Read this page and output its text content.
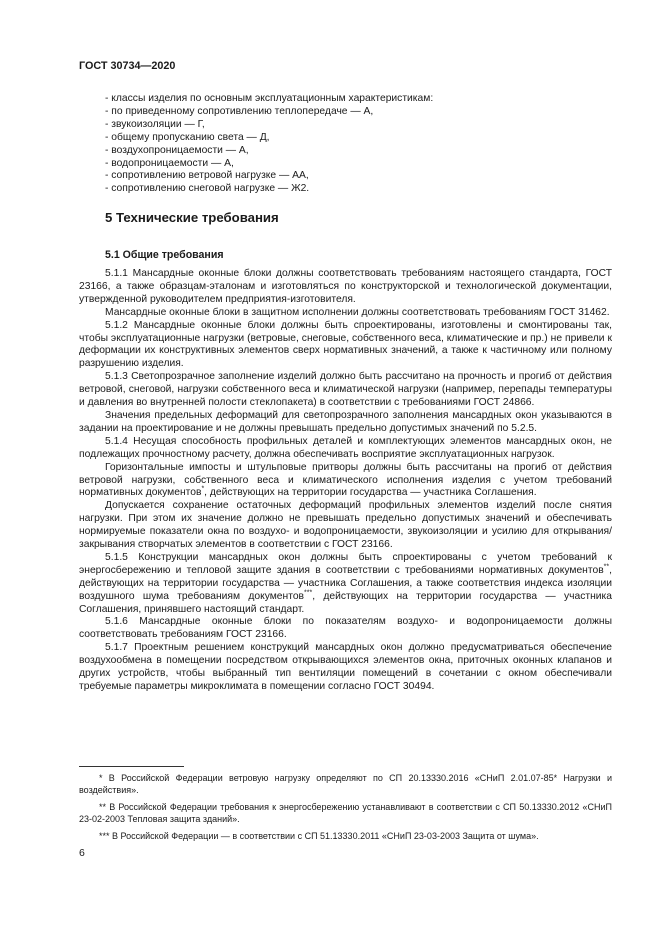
ГОСТ 30734—2020
- классы изделия по основным эксплуатационным характеристикам:
- по приведенному сопротивлению теплопередаче — А,
- звукоизоляции — Г,
- общему пропусканию света — Д,
- воздухопроницаемости — А,
- водопроницаемости — А,
- сопротивлению ветровой нагрузке — АА,
- сопротивлению снеговой нагрузке — Ж2.
5 Технические требования
5.1 Общие требования

5.1.1 Мансардные оконные блоки должны соответствовать требованиям настоящего стандарта, ГОСТ 23166, а также образцам-эталонам и изготовляться по конструкторской и технологической документации, утвержденной руководителем предприятия-изготовителя.

Мансардные оконные блоки в защитном исполнении должны соответствовать требованиям ГОСТ 31462.

5.1.2 Мансардные оконные блоки должны быть спроектированы, изготовлены и смонтированы так, чтобы эксплуатационные нагрузки (ветровые, снеговые, собственного веса, климатические и пр.) не привели к деформации их конструктивных элементов сверх нормативных значений, а также к частичному или полному разрушению изделия.

5.1.3 Светопрозрачное заполнение изделий должно быть рассчитано на прочность и прогиб от действия ветровой, снеговой, нагрузки собственного веса и климатической нагрузки (например, перепады температуры и давления во внутренней полости стеклопакета) в соответствии с требованиями ГОСТ 24866.

Значения предельных деформаций для светопрозрачного заполнения мансардных окон указываются в задании на проектирование и не должны превышать предельно допустимых значений по 5.2.5.

5.1.4 Несущая способность профильных деталей и комплектующих элементов мансардных окон, не подлежащих прочностному расчету, должна обеспечивать восприятие эксплуатационных нагрузок.

Горизонтальные импосты и штульповые притворы должны быть рассчитаны на прогиб от действия ветровой нагрузки, собственного веса и климатического исполнения изделия с учетом требований нормативных документов*, действующих на территории государства — участника Соглашения.

Допускается сохранение остаточных деформаций профильных элементов изделий после снятия нагрузки. При этом их значение должно не превышать предельно допустимых значений и обеспечивать нормируемые показатели окна по воздухо- и водопроницаемости, звукоизоляции и усилию для открывания/закрывания створчатых элементов в соответствии с ГОСТ 23166.

5.1.5 Конструкции мансардных окон должны быть спроектированы с учетом требований к энергосбережению и тепловой защите здания в соответствии с требованиями нормативных документов**, действующих на территории государства — участника Соглашения, а также соответствия индекса изоляции воздушного шума требованиям документов***, действующих на территории государства — участника Соглашения, принявшего настоящий стандарт.

5.1.6 Мансардные оконные блоки по показателям воздухо- и водопроницаемости должны соответствовать требованиям ГОСТ 23166.

5.1.7 Проектным решением конструкций мансардных окон должно предусматриваться обеспечение воздухообмена в помещении посредством открывающихся элементов окна, приточных оконных клапанов и других устройств, чтобы выбранный тип вентиляции помещений в сочетании с окном обеспечивали требуемые параметры микроклимата в помещении согласно ГОСТ 30494.

* В Российской Федерации ветровую нагрузку определяют по СП 20.13330.2016 «СНиП 2.01.07-85* Нагрузки и воздействия».

** В Российской Федерации требования к энергосбережению устанавливают в соответствии с СП 50.13330.2012 «СНиП 23-02-2003 Тепловая защита зданий».

*** В Российской Федерации — в соответствии с СП 51.13330.2011 «СНиП 23-03-2003 Защита от шума».

6
